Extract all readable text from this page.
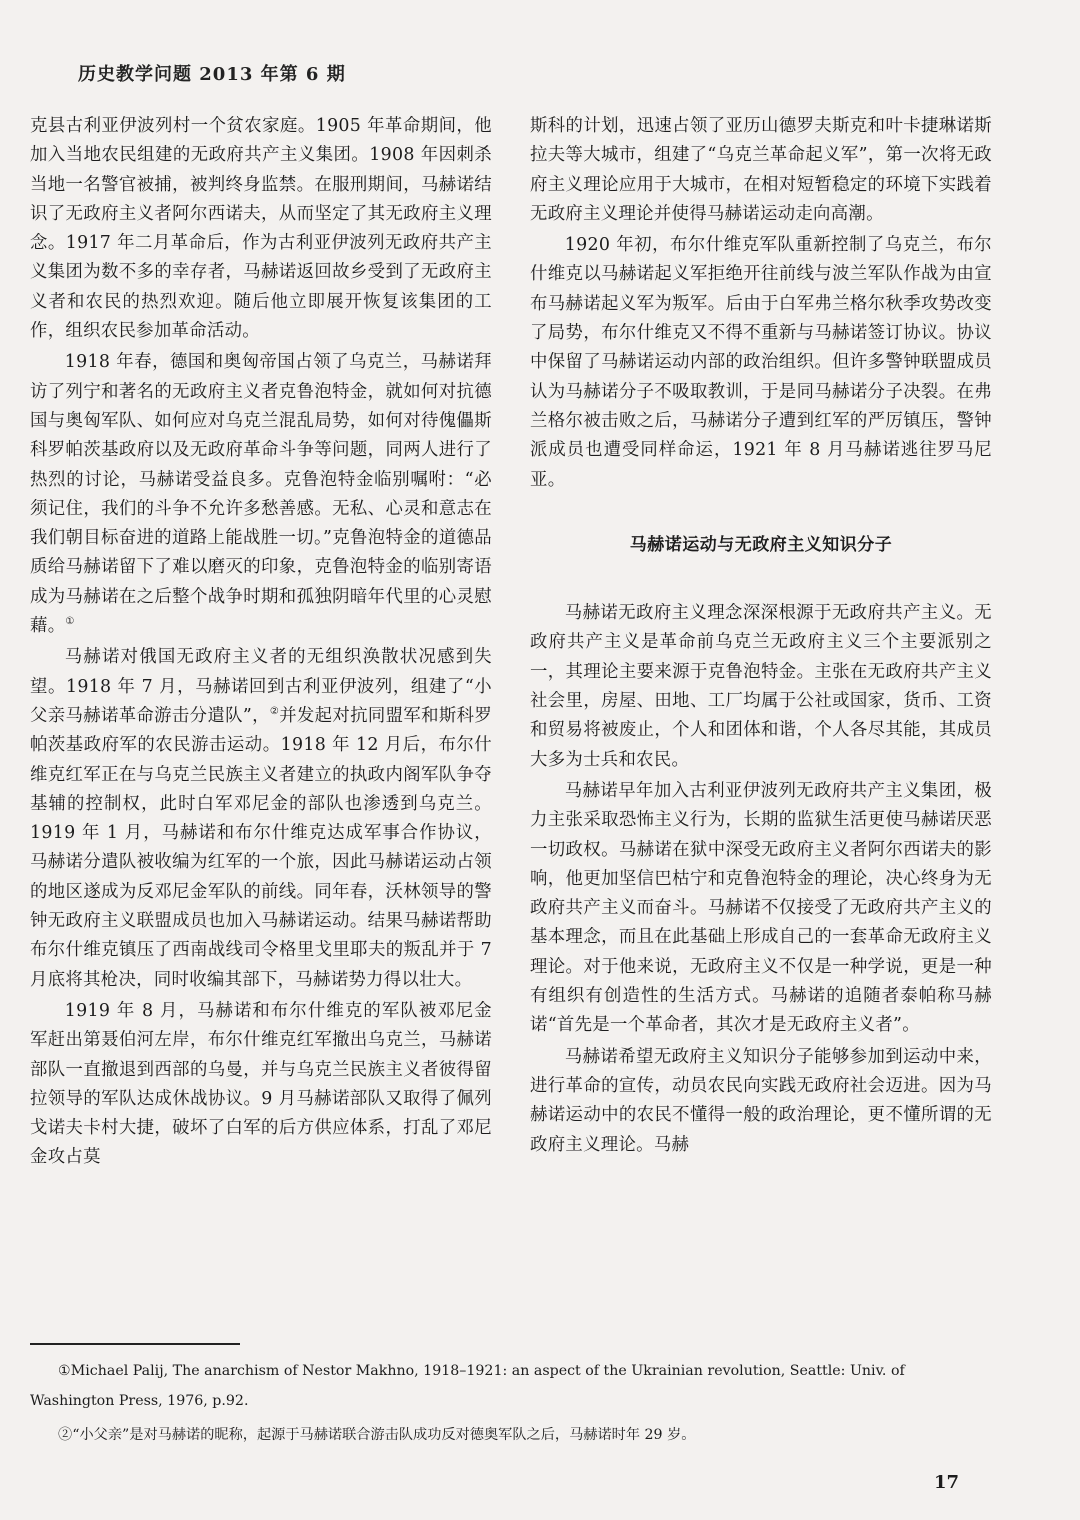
历史教学问题 2013 年第 6 期

克县古利亚伊波列村一个贫农家庭。1905 年革命期间，他加入当地农民组建的无政府共产主义集团。1908 年因刺杀当地一名警官被捕，被判终身监禁。在服刑期间，马赫诺结识了无政府主义者阿尔西诺夫，从而坚定了其无政府主义理念。1917 年二月革命后，作为古利亚伊波列无政府共产主义集团为数不多的幸存者，马赫诺返回故乡受到了无政府主义者和农民的热烈欢迎。随后他立即展开恢复该集团的工作，组织农民参加革命活动。

1918 年春，德国和奥匈帝国占领了乌克兰，马赫诺拜访了列宁和著名的无政府主义者克鲁泡特金，就如何对抗德国与奥匈军队、如何应对乌克兰混乱局势，如何对待傀儡斯科罗帕茨基政府以及无政府革命斗争等问题，同两人进行了热烈的讨论，马赫诺受益良多。克鲁泡特金临别嘱咐：“必须记住，我们的斗争不允许多愁善感。无私、心灵和意志在我们朝目标奋进的道路上能战胜一切。”克鲁泡特金的道德品质给马赫诺留下了难以磨灭的印象，克鲁泡特金的临别寄语成为马赫诺在之后整个战争时期和孤独阴暗年代里的心灵慰藉。①

马赫诺对俄国无政府主义者的无组织涣散状况感到失望。1918 年 7 月，马赫诺回到古利亚伊波列，组建了“小父亲马赫诺革命游击分遣队”，②并发起对抗同盟军和斯科罗帕茨基政府军的农民游击运动。1918 年 12 月后，布尔什维克红军正在与乌克兰民族主义者建立的执政内阁军队争夺基辅的控制权，此时白军邓尼金的部队也渗透到乌克兰。1919 年 1 月，马赫诺和布尔什维克达成军事合作协议，马赫诺分遣队被收编为红军的一个旅，因此马赫诺运动占领的地区遂成为反邓尼金军队的前线。同年春，沃林领导的警钟无政府主义联盟成员也加入马赫诺运动。结果马赫诺帮助布尔什维克镇压了西南战线司令格里戈里耶夫的叛乱并于 7 月底将其枪决，同时收编其部下，马赫诺势力得以壮大。

1919 年 8 月，马赫诺和布尔什维克的军队被邓尼金军赶出第聂伯河左岸，布尔什维克红军撤出乌克兰，马赫诺部队一直撤退到西部的乌曼，并与乌克兰民族主义者彼得留拉领导的军队达成休战协议。9 月马赫诺部队又取得了佩列戈诺夫卡村大捷，破坏了白军的后方供应体系，打乱了邓尼金攻占莫

斯科的计划，迅速占领了亚历山德罗夫斯克和叶卡捷琳诺斯拉夫等大城市，组建了“乌克兰革命起义军”，第一次将无政府主义理论应用于大城市，在相对短暂稳定的环境下实践着无政府主义理论并使得马赫诺运动走向高潮。

1920 年初，布尔什维克军队重新控制了乌克兰，布尔什维克以马赫诺起义军拒绝开往前线与波兰军队作战为由宣布马赫诺起义军为叛军。后由于白军弗兰格尔秋季攻势改变了局势，布尔什维克又不得不重新与马赫诺签订协议。协议中保留了马赫诺运动内部的政治组织。但许多警钟联盟成员认为马赫诺分子不吸取教训，于是同马赫诺分子决裂。在弗兰格尔被击败之后，马赫诺分子遭到红军的严厉镇压，警钟派成员也遭受同样命运，1921 年 8 月马赫诺逃往罗马尼亚。

马赫诺运动与无政府主义知识分子

马赫诺无政府主义理念深深根源于无政府共产主义。无政府共产主义是革命前乌克兰无政府主义三个主要派别之一，其理论主要来源于克鲁泡特金。主张在无政府共产主义社会里，房屋、田地、工厂均属于公社或国家，货币、工资和贸易将被废止，个人和团体和谐，个人各尽其能，其成员大多为士兵和农民。

马赫诺早年加入古利亚伊波列无政府共产主义集团，极力主张采取恐怖主义行为，长期的监狱生活更使马赫诺厌恶一切政权。马赫诺在狱中深受无政府主义者阿尔西诺夫的影响，他更加坚信巴枯宁和克鲁泡特金的理论，决心终身为无政府共产主义而奋斗。马赫诺不仅接受了无政府共产主义的基本理念，而且在此基础上形成自己的一套革命无政府主义理论。对于他来说，无政府主义不仅是一种学说，更是一种有组织有创造性的生活方式。马赫诺的追随者泰帕称马赫诺“首先是一个革命者，其次才是无政府主义者”。

马赫诺希望无政府主义知识分子能够参加到运动中来，进行革命的宣传，动员农民向实践无政府社会迈进。因为马赫诺运动中的农民不懂得一般的政治理论，更不懂所谓的无政府主义理论。马赫

①Michael Palij, The anarchism of Nestor Makhno, 1918–1921: an aspect of the Ukrainian revolution, Seattle: Univ. of Washington Press, 1976, p.92.

②“小父亲”是对马赫诺的昵称，起源于马赫诺联合游击队成功反对德奥军队之后，马赫诺时年 29 岁。

17
